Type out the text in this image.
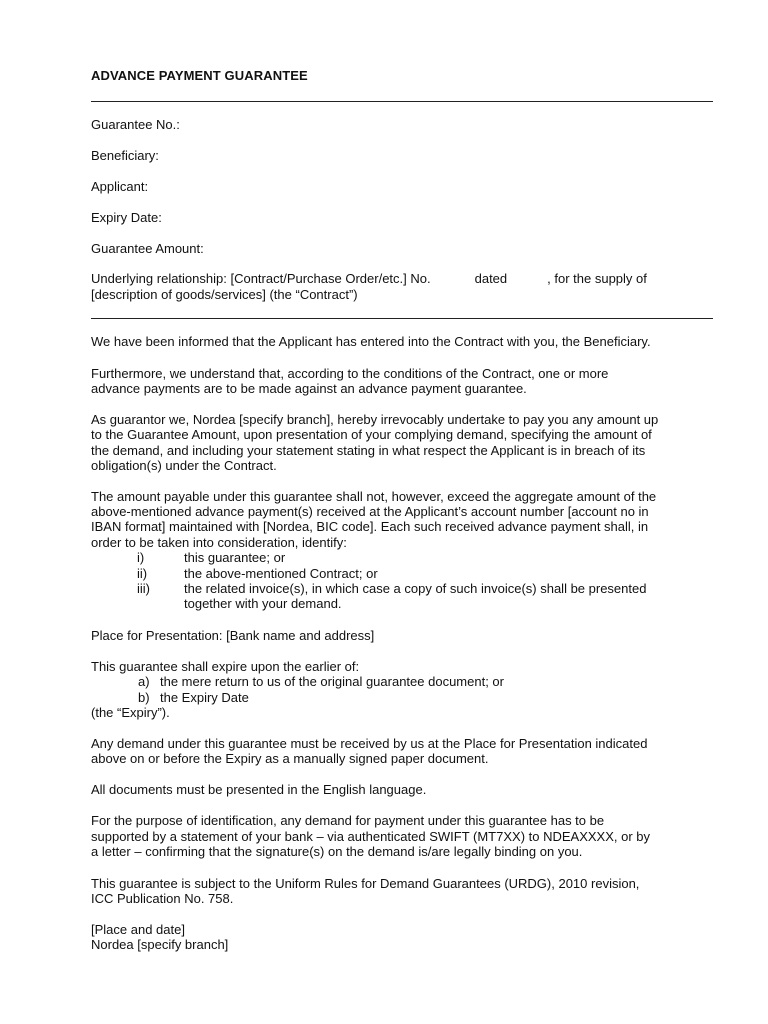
ADVANCE PAYMENT GUARANTEE
Guarantee No.:
Beneficiary:
Applicant:
Expiry Date:
Guarantee Amount:
Underlying relationship: [Contract/Purchase Order/etc.] No.	dated	, for the supply of
[description of goods/services] (the “Contract”)
We have been informed that the Applicant has entered into the Contract with you, the Beneficiary.
Furthermore, we understand that, according to the conditions of the Contract, one or more
advance payments are to be made against an advance payment guarantee.
As guarantor we, Nordea [specify branch], hereby irrevocably undertake to pay you any amount up
to the Guarantee Amount, upon presentation of your complying demand, specifying the amount of
the demand, and including your statement stating in what respect the Applicant is in breach of its
obligation(s) under the Contract.
The amount payable under this guarantee shall not, however, exceed the aggregate amount of the
above-mentioned advance payment(s) received at the Applicant’s account number [account no in
IBAN format] maintained with [Nordea, BIC code]. Each such received advance payment shall, in
order to be taken into consideration, identify:
i)	this guarantee; or
ii)	the above-mentioned Contract; or
iii)	the related invoice(s), in which case a copy of such invoice(s) shall be presented
together with your demand.
Place for Presentation: [Bank name and address]
This guarantee shall expire upon the earlier of:
a) the mere return to us of the original guarantee document; or
b) the Expiry Date
(the “Expiry”).
Any demand under this guarantee must be received by us at the Place for Presentation indicated
above on or before the Expiry as a manually signed paper document.
All documents must be presented in the English language.
For the purpose of identification, any demand for payment under this guarantee has to be
supported by a statement of your bank – via authenticated SWIFT (MT7XX) to NDEAXXXX, or by
a letter – confirming that the signature(s) on the demand is/are legally binding on you.
This guarantee is subject to the Uniform Rules for Demand Guarantees (URDG), 2010 revision,
ICC Publication No. 758.
[Place and date]
Nordea [specify branch]
